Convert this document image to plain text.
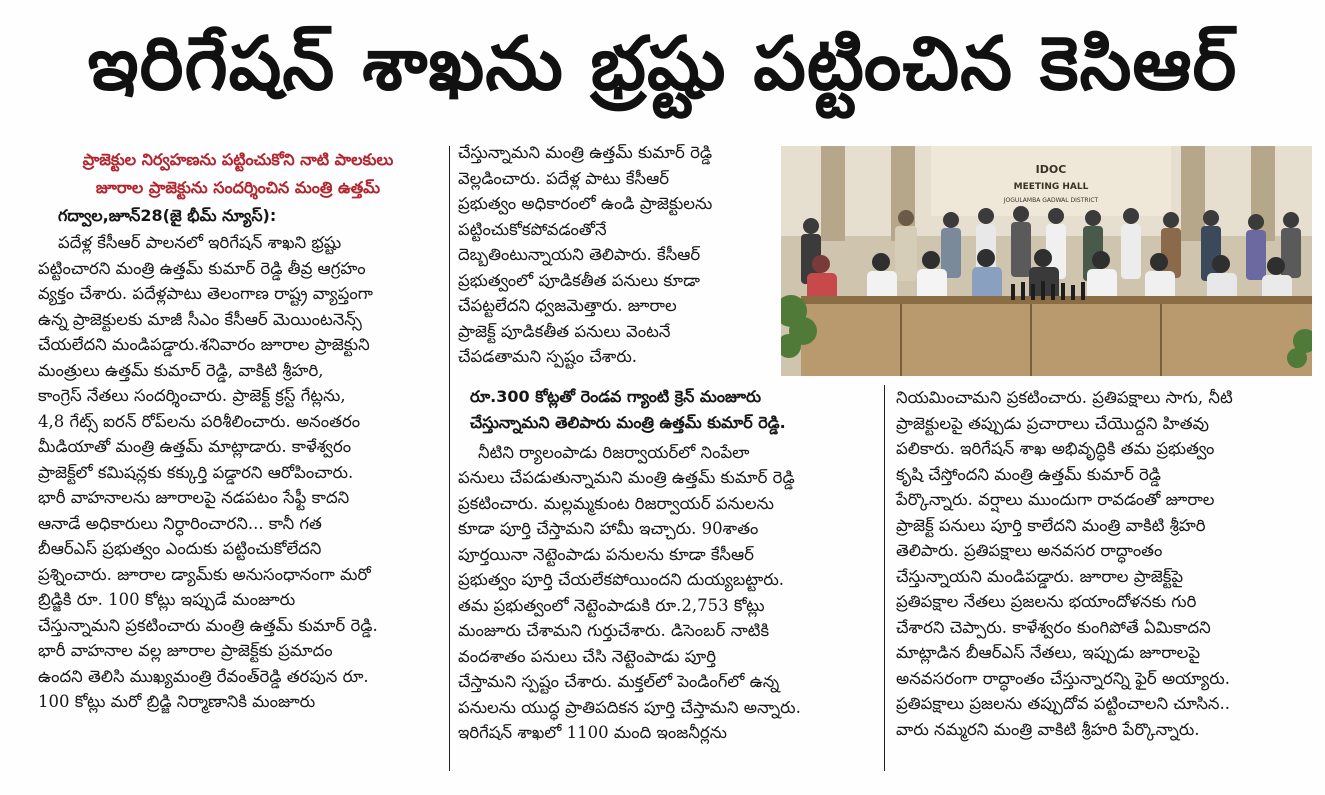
ఇరిగేషన్ శాఖను భ్రష్టు పట్టించిన కెసిఆర్

ప్రాజెక్టుల నిర్వహణను పట్టించుకోని నాటి పాలకులు

జూరాల ప్రాజెక్టును సందర్శించిన మంత్రి ఉత్తమ్

గద్వాల,జూన్28(జై భీమ్ న్యూస్):

పదేళ్ల కేసీఆర్ పాలనలో ఇరిగేషన్ శాఖని భ్రష్టు

పట్టించారని మంత్రి ఉత్తమ్ కుమార్ రెడ్డి తీవ్ర ఆగ్రహం

వ్యక్తం చేశారు. పదేళ్లపాటు తెలంగాణ రాష్ట్ర వ్యాప్తంగా

ఉన్న ప్రాజెక్టులకు మాజీ సీఎం కేసీఆర్ మెయింటనెన్స్

చేయలేదని మండిపడ్డారు.శనివారం జూరాల ప్రాజెక్టుని

మంత్రులు ఉత్తమ్ కుమార్ రెడ్డి, వాకిటి శ్రీహరి,

కాంగ్రెస్ నేతలు సందర్శించారు. ప్రాజెక్ట్ క్రస్ట్ గేట్లను,

4,8 గేట్స్ ఐరన్ రోప్‌లను పరిశీలించారు. అనంతరం

మీడియాతో మంత్రి ఉత్తమ్ మాట్లాడారు. కాళేశ్వరం

ప్రాజెక్ట్‌లో కమిషన్లకు కక్కుర్తి పడ్డారని ఆరోపించారు.

భారీ వాహనాలను జూరాలపై నడపటం సేఫ్టీ కాదని

ఆనాడే అధికారులు నిర్ధారించారని... కానీ గత

బీఆర్ఎస్ ప్రభుత్వం ఎందుకు పట్టించుకోలేదని

ప్రశ్నించారు. జూరాల డ్యామ్‌కు అనుసంధానంగా మరో

బ్రిడ్జికి రూ. 100 కోట్లు ఇప్పుడే మంజూరు

చేస్తున్నామని ప్రకటించారు మంత్రి ఉత్తమ్ కుమార్ రెడ్డి.

భారీ వాహనాల వల్ల జూరాల ప్రాజెక్ట్‌కు ప్రమాదం

ఉందని తెలిసి ముఖ్యమంత్రి రేవంత్‌రెడ్డి తరపున రూ.

100 కోట్లు మరో బ్రిడ్జి నిర్మాణానికి మంజూరు

చేస్తున్నామని మంత్రి ఉత్తమ్ కుమార్ రెడ్డి

వెల్లడించారు. పదేళ్ల పాటు కేసీఆర్

ప్రభుత్వం అధికారంలో ఉండి ప్రాజెక్టులను

పట్టించుకోకపోవడంతోనే

దెబ్బతింటున్నాయని తెలిపారు. కేసీఆర్

ప్రభుత్వంలో పూడికతీత పనులు కూడా

చేపట్టలేదని ధ్వజమెత్తారు. జూరాల

ప్రాజెక్ట్ పూడికతీత పనులు వెంటనే

చేపడతామని స్పష్టం చేశారు.

రూ.300 కోట్లతో రెండవ గ్యాంటి క్రెన్ మంజూరు

చేస్తున్నామని తెలిపారు మంత్రి ఉత్తమ్ కుమార్ రెడ్డి.

నీటిని ర్యాలంపాడు రిజర్వాయర్‌లో నింపేలా

పనులు చేపడుతున్నామని మంత్రి ఉత్తమ్ కుమార్ రెడ్డి

ప్రకటించారు. మల్లమ్మకుంట రిజర్వాయర్ పనులను

కూడా పూర్తి చేస్తామని హామీ ఇచ్చారు. 90శాతం

పూర్తయినా నెట్టెంపాడు పనులను కూడా కేసీఆర్

ప్రభుత్వం పూర్తి చేయలేకపోయిందని దుయ్యబట్టారు.

తమ ప్రభుత్వంలో నెట్టెంపాడుకి రూ.2,753 కోట్లు

మంజూరు చేశామని గుర్తుచేశారు. డిసెంబర్ నాటికి

వందశాతం పనులు చేసి నెట్టెంపాడు పూర్తి

చేస్తామని స్పష్టం చేశారు. మక్తల్‌లో పెండింగ్‌లో ఉన్న

పనులను యుద్ధ ప్రాతిపదికన పూర్తి చేస్తామని అన్నారు.

ఇరిగేషన్ శాఖలో 1100 మంది ఇంజనీర్లను

IDOC
MEETING HALL
JOGULAMBA GADWAL DISTRICT

నియమించామని ప్రకటించారు. ప్రతిపక్షాలు సాగు, నీటి

ప్రాజెక్టులపై తప్పుడు ప్రచారాలు చేయొద్దని హితవు

పలికారు. ఇరిగేషన్ శాఖ అభివృద్ధికి తమ ప్రభుత్వం

కృషి చేస్తోందని మంత్రి ఉత్తమ్ కుమార్ రెడ్డి

పేర్కొన్నారు. వర్షాలు ముందుగా రావడంతో జూరాల

ప్రాజెక్ట్ పనులు పూర్తి కాలేదని మంత్రి వాకిటి శ్రీహరి

తెలిపారు. ప్రతిపక్షాలు అనవసర రాద్ధాంతం

చేస్తున్నాయని మండిపడ్డారు. జూరాల ప్రాజెక్ట్‌పై

ప్రతిపక్షాల నేతలు ప్రజలను భయాందోళనకు గురి

చేశారని చెప్పారు. కాళేశ్వరం కుంగిపోతే ఏమికాదని

మాట్లాడిన బీఆర్ఎస్ నేతలు, ఇప్పుడు జూరాలపై

అనవసరంగా రాద్ధాంతం చేస్తున్నారన్ని ఫైర్ అయ్యారు.

ప్రతిపక్షాలు ప్రజలను తప్పుదోవ పట్టించాలని చూసిన..

వారు నమ్మరని మంత్రి వాకిటి శ్రీహరి పేర్కొన్నారు.
